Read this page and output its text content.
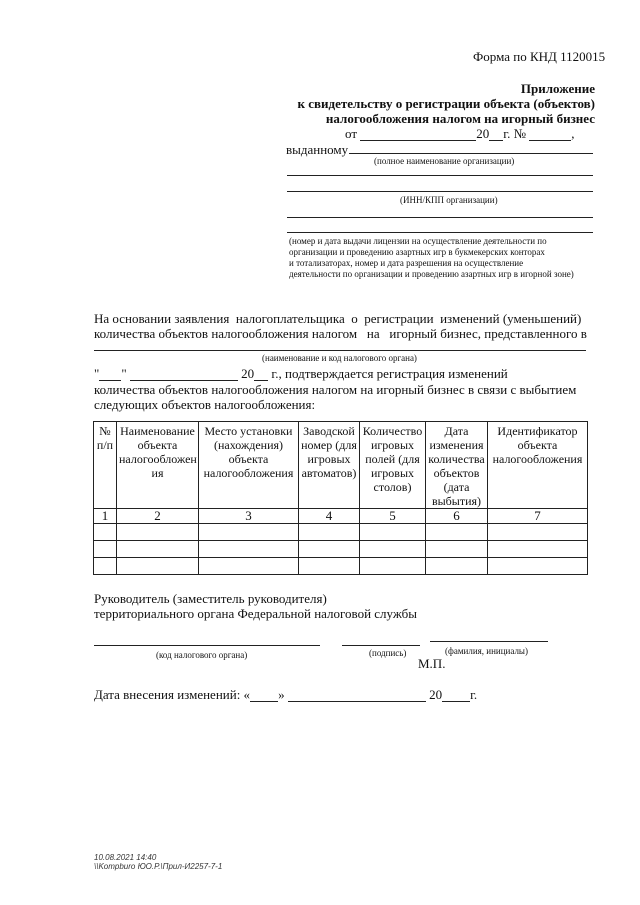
Форма по КНД 1120015
Приложение
к свидетельству о регистрации объекта (объектов)
налогообложения налогом на игорный бизнес
от	20 г. №	,
выданному
(полное наименование организации)
(ИНН/КПП организации)
(номер и дата выдачи лицензии на осуществление деятельности по
организации и проведению азартных игр в букмекерских конторах
и тотализаторах, номер и дата разрешения на осуществление
деятельности по организации и проведению азартных игр в игорной зоне)
На основании заявления  налогоплательщика  о  регистрации  изменений (уменьшений)
количества объектов налогообложения налогом   на   игорный бизнес, представленного в
(наименование и код налогового органа)
" "	20 г., подтверждается регистрация изменений
количества объектов налогообложения налогом на игорный бизнес в связи с выбытием
следующих объектов налогообложения:
№ п/п	Наименование объекта налогообложен ия	Место установки (нахождения) объекта налогообложения	Заводской номер (для игровых автоматов)	Количество игровых полей (для игровых столов)	Дата изменения количества объектов (дата выбытия)	Идентификатор объекта налогообложения
1	2	3	4	5	6	7

Руководитель (заместитель руководителя)
территориального органа Федеральной налоговой службы
(код налогового органа)	(подпись)	(фамилия, инициалы)
М.П.
Дата внесения изменений: « »	20 г.
10.08.2021 14:40
\\Kompburo ЮО.Р.\Прил-И2257-7-1
